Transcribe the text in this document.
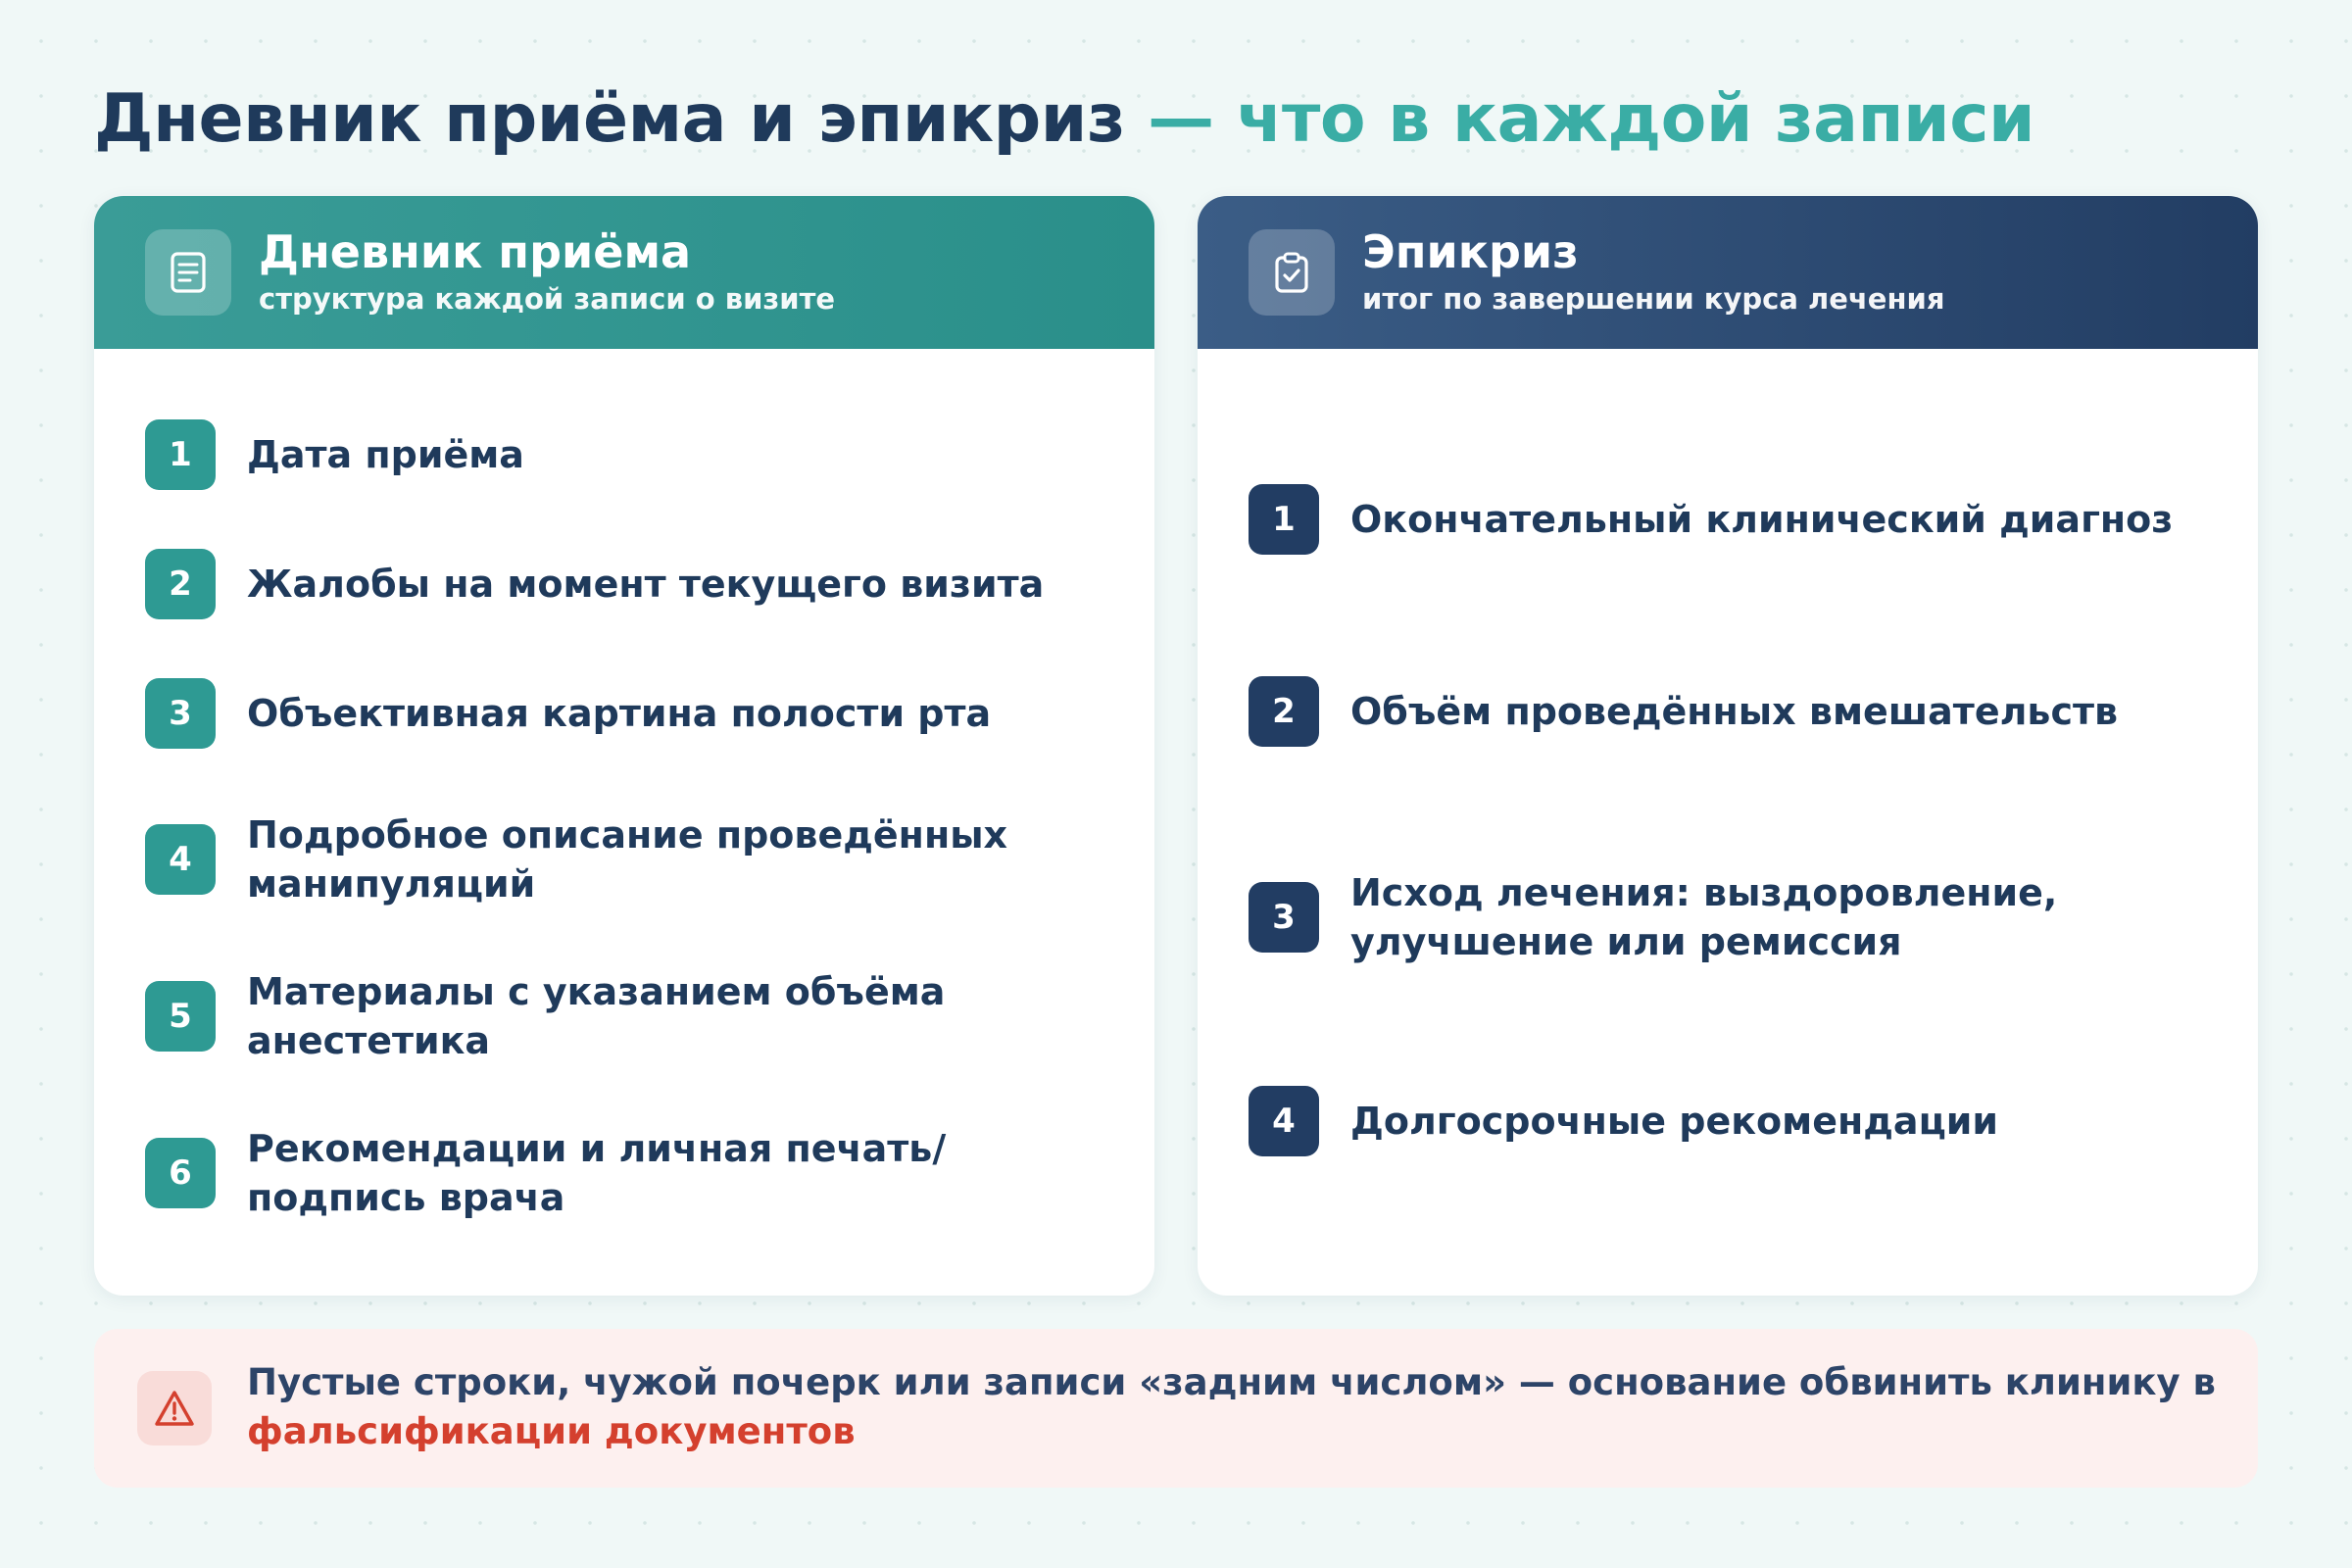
Дневник приёма и эпикриз — что в каждой записи
Дневник приёма
структура каждой записи о визите
1	Дата приёма
2	Жалобы на момент текущего визита
3	Объективная картина полости рта
4
Подробное описание проведённых манипуляций
5
Материалы с указанием объёма анестетика
6
Рекомендации и личная печать/подпись врача
Эпикриз
итог по завершении курса лечения
1	Окончательный клинический диагноз
2	Объём проведённых вмешательств
3
Исход лечения: выздоровление, улучшение или ремиссия
4	Долгосрочные рекомендации
Пустые строки, чужой почерк или записи «задним числом» — основание обвинить клинику в фальсификации документов
